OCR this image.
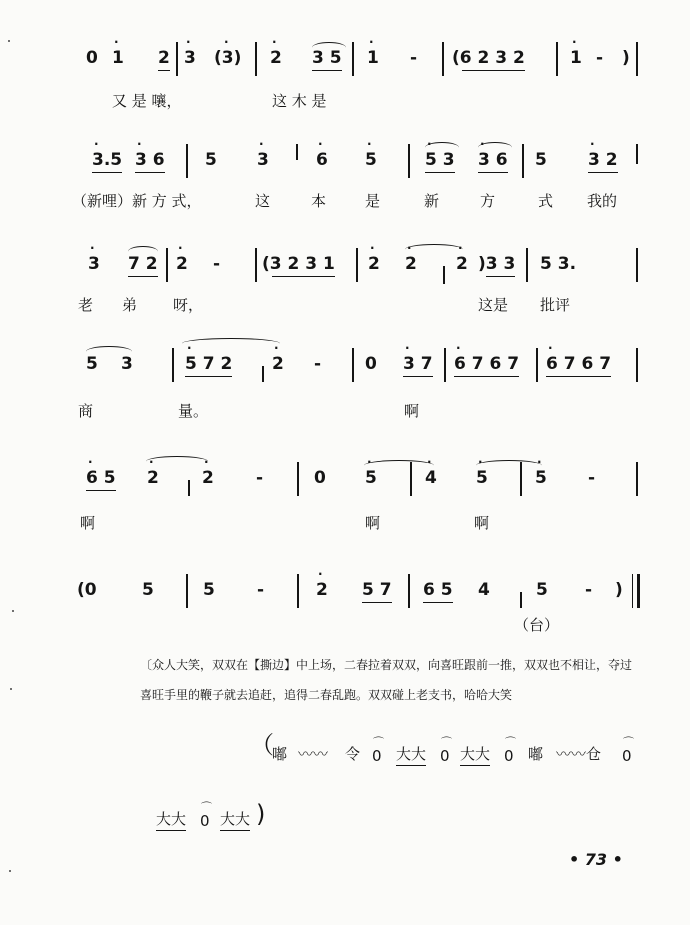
0
·
1 2
·
3
·
(3)
·
2 3 5
·
1 - (6 2 3 2
·
1 - )
又 是 嚷，	这 木 是
·
3.5
·
3 6 5
·
3
·
6
·
5
·
5 3
·
3 6 5
·
3 2
（新哩）新 方 式，	这	本	是	新	方	式 我的
·
3 7 2
·
2 - (3 2 3 1
·
2
·
2
·
2 )3 3 5 3.
老 弟 呀，	这是 批评
5 3
·
5 7 2
·
2 -	0
·
3 7
·
6 7 6 7
·
6 7 6 7
商	量。	啊
·
6 5
·
2
·
2 -	0
·
5
·
4
·
5
·
5 -
啊	啊	啊
(0	5	5 -
·
2 5 7 6 5 4	5 - )
（台）
〔众人大笑，双双在【撕边】中上场，二春拉着双双，向喜旺跟前一推，双双也不相让，夺过喜旺手里的鞭子就去追赶，追得二春乱跑。双双碰上老支书，哈哈大笑
（
嘟 〰〰 令
⌒
0 大大
⌒
0 大大
⌒
0 嘟 〰〰仓
⌒
0
大大
⌒
0 大大 )
• 73 •
